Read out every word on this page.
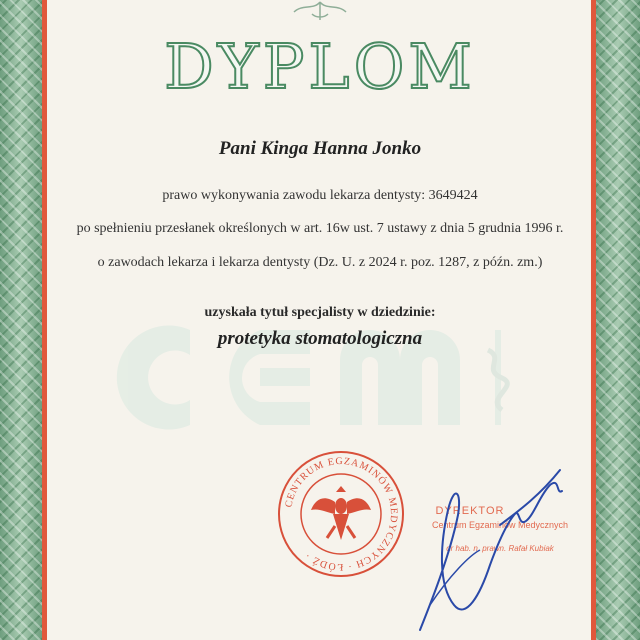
DYPLOM
Pani Kinga Hanna Jonko
prawo wykonywania zawodu lekarza dentysty: 3649424
po spełnieniu przesłanek określonych w art. 16w ust. 7 ustawy z dnia 5 grudnia 1996 r.
o zawodach lekarza i lekarza dentysty (Dz. U. z 2024 r. poz. 1287, z późn. zm.)
uzyskała tytuł specjalisty w dziedzinie:
protetyka stomatologiczna
CENTRUM EGZAMINÓW MEDYCZNYCH · ŁÓDŹ ·
DYREKTOR
Centrum Egzaminów Medycznych
dr hab. n. prawn. Rafał Kubiak
